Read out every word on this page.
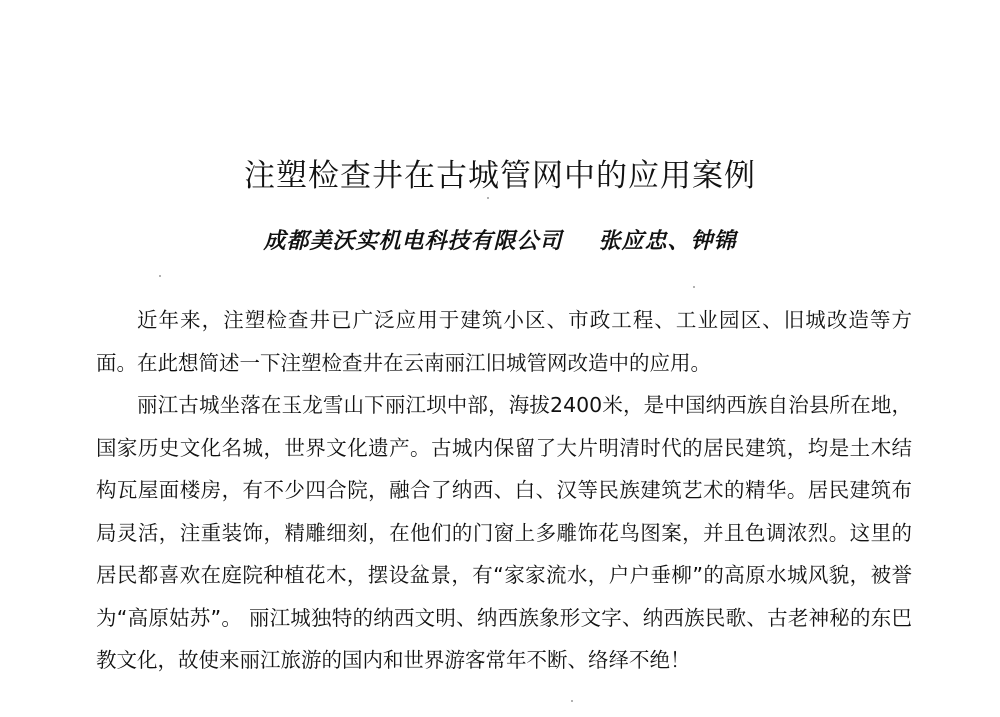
注塑检查井在古城管网中的应用案例
成都美沃实机电科技有限公司 张应忠、钟锦

近年来，注塑检查井已广泛应用于建筑小区、市政工程、工业园区、旧城改造等方面。在此想简述一下注塑检查井在云南丽江旧城管网改造中的应用。

丽江古城坐落在玉龙雪山下丽江坝中部，海拔2400米，是中国纳西族自治县所在地，国家历史文化名城，世界文化遗产。古城内保留了大片明清时代的居民建筑，均是土木结构瓦屋面楼房，有不少四合院，融合了纳西、白、汉等民族建筑艺术的精华。居民建筑布局灵活，注重装饰，精雕细刻，在他们的门窗上多雕饰花鸟图案，并且色调浓烈。这里的居民都喜欢在庭院种植花木，摆设盆景，有“家家流水，户户垂柳”的高原水城风貌，被誉为“高原姑苏”。 丽江城独特的纳西文明、纳西族象形文字、纳西族民歌、古老神秘的东巴教文化，故使来丽江旅游的国内和世界游客常年不断、络绎不绝！
